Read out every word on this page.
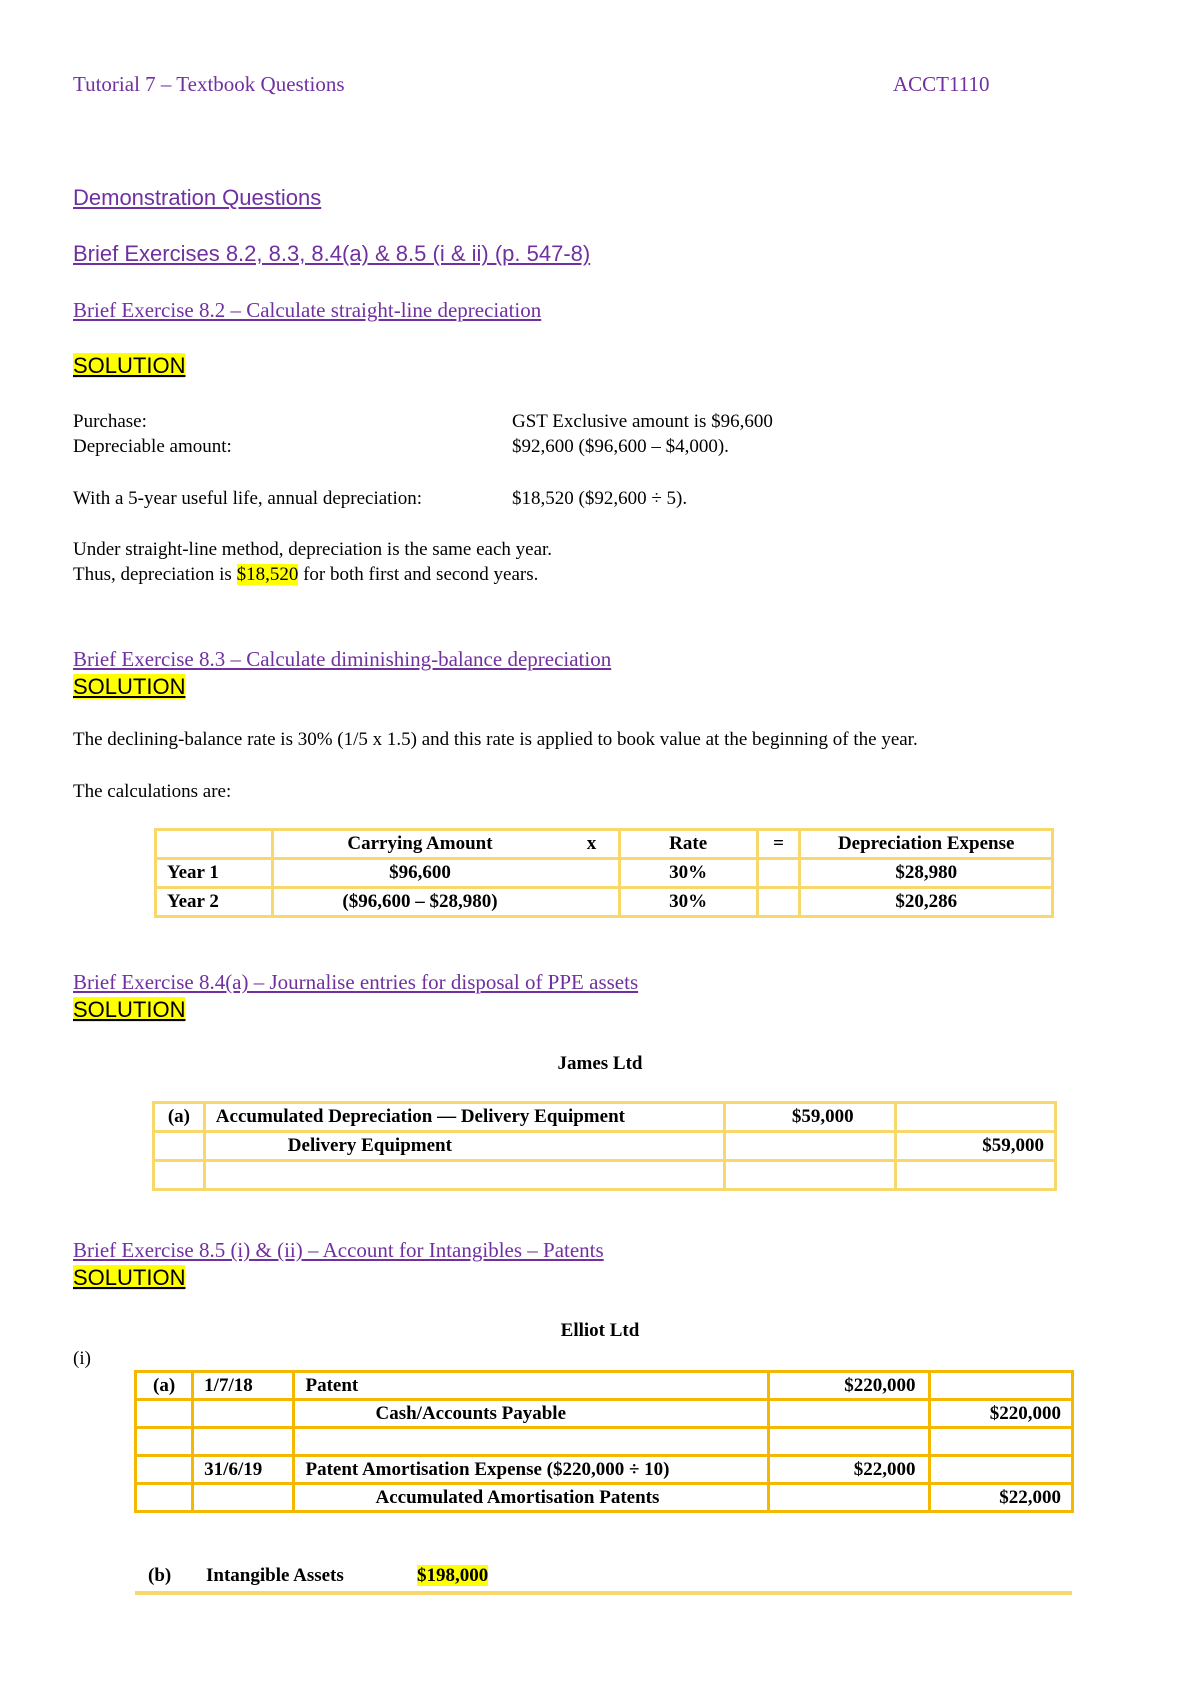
Tutorial 7 – Textbook Questions	ACCT1110
Demonstration Questions
Brief Exercises 8.2, 8.3, 8.4(a) & 8.5 (i & ii) (p. 547-8)
Brief Exercise 8.2 – Calculate straight-line depreciation
SOLUTION
Purchase:	GST Exclusive amount is $96,600
Depreciable amount:	$92,600 ($96,600 – $4,000).
With a 5-year useful life, annual depreciation:	$18,520 ($92,600 ÷ 5).
Under straight-line method, depreciation is the same each year.
Thus, depreciation is $18,520 for both first and second years.
Brief Exercise 8.3 – Calculate diminishing-balance depreciation
SOLUTION
The declining-balance rate is 30% (1/5 x 1.5) and this rate is applied to book value at the beginning of the year.
The calculations are:
	Carrying Amount	x	Rate	=	Depreciation Expense
Year 1	$96,600		30%		$28,980
Year 2	($96,600 – $28,980)		30%		$20,286
Brief Exercise 8.4(a) – Journalise entries for disposal of PPE assets
SOLUTION
James Ltd
(a)	Accumulated Depreciation — Delivery Equipment	$59,000	
	Delivery Equipment		$59,000

Brief Exercise 8.5 (i) & (ii) – Account for Intangibles – Patents
SOLUTION
Elliot Ltd
(i)
(a)	1/7/18	Patent	$220,000	
		Cash/Accounts Payable		$220,000

	31/6/19	Patent Amortisation Expense ($220,000 ÷ 10)	$22,000	
		Accumulated Amortisation Patents		$22,000
(b) Intangible Assets	$198,000
